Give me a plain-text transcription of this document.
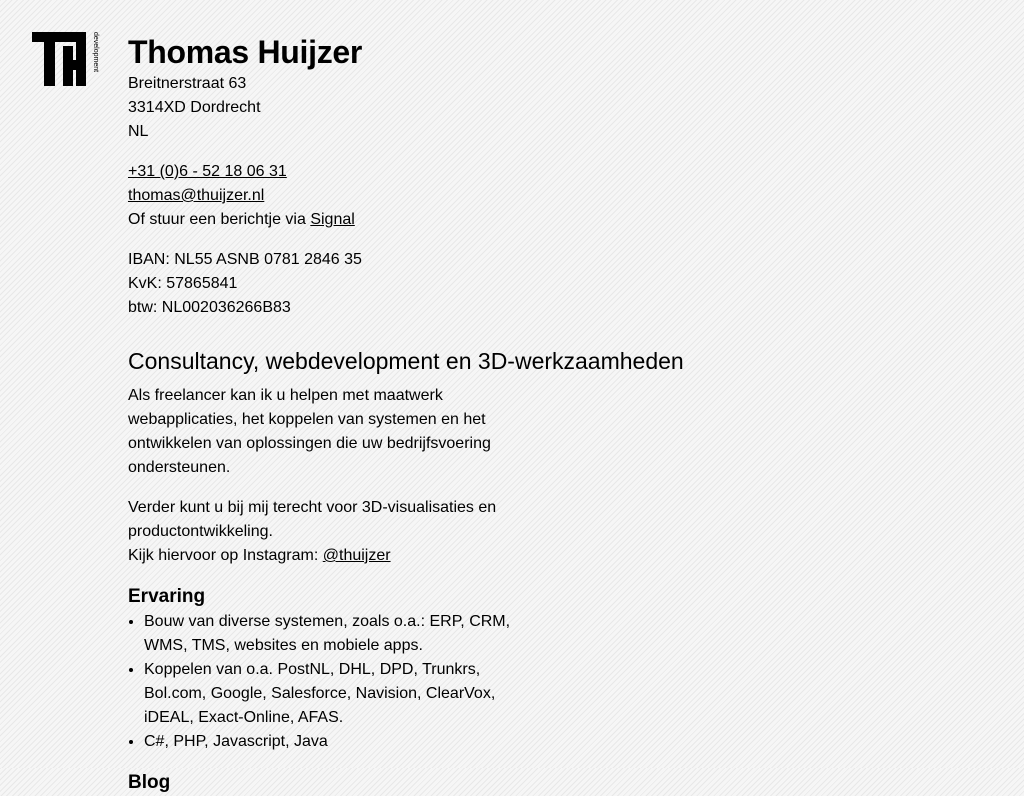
development Thomas Huijzer

Breitnerstraat 63

3314XD Dordrecht

NL

+31 (0)6 - 52 18 06 31

thomas@thuijzer.nl

Of stuur een berichtje via Signal

IBAN: NL55 ASNB 0781 2846 35

KvK: 57865841

btw: NL002036266B83

Consultancy, webdevelopment en 3D-werkzaamheden

Als freelancer kan ik u helpen met maatwerk webapplicaties, het koppelen van systemen en het ontwikkelen van oplossingen die uw bedrijfsvoering ondersteunen.

Verder kunt u bij mij terecht voor 3D-visualisaties en productontwikkeling.

Kijk hiervoor op Instagram: @thuijzer

Ervaring
• Bouw van diverse systemen, zoals o.a.: ERP, CRM, WMS, TMS, websites en mobiele apps.
• Koppelen van o.a. PostNL, DHL, DPD, Trunkrs, Bol.com, Google, Salesforce, Navision, ClearVox, iDEAL, Exact-Online, AFAS.
• C#, PHP, Javascript, Java
Blog
